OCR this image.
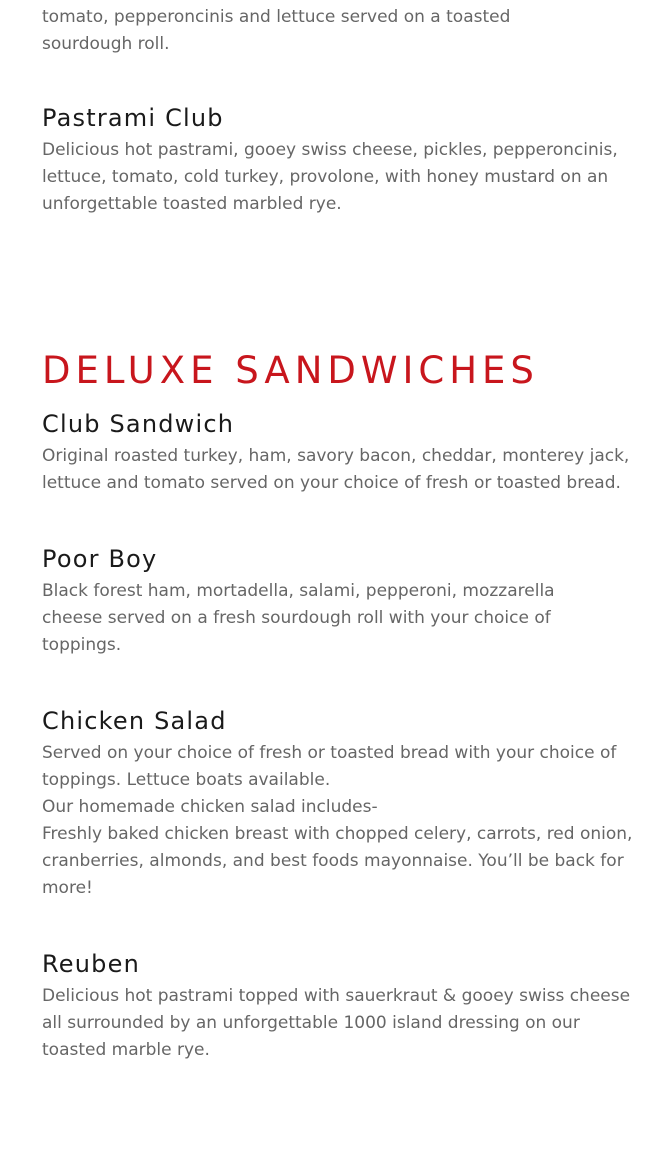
tomato, pepperoncinis and lettuce served on a toasted
sourdough roll.

Pastrami Club

Delicious hot pastrami, gooey swiss cheese, pickles, pepperoncinis, lettuce, tomato, cold turkey, provolone, with honey mustard on an unforgettable toasted marbled rye.

DELUXE SANDWICHES
Club Sandwich

Original roasted turkey, ham, savory bacon, cheddar, monterey jack, lettuce and tomato served on your choice of fresh or toasted bread.

Poor Boy

Black forest ham, mortadella, salami, pepperoni, mozzarella cheese served on a fresh sourdough roll with your choice of toppings.

Chicken Salad

Served on your choice of fresh or toasted bread with your choice of toppings. Lettuce boats available.

Our homemade chicken salad includes-

Freshly baked chicken breast with chopped celery, carrots, red onion, cranberries, almonds, and best foods mayonnaise. You’ll be back for more!

Reuben

Delicious hot pastrami topped with sauerkraut & gooey swiss cheese all surrounded by an unforgettable 1000 island dressing on our toasted marble rye.
